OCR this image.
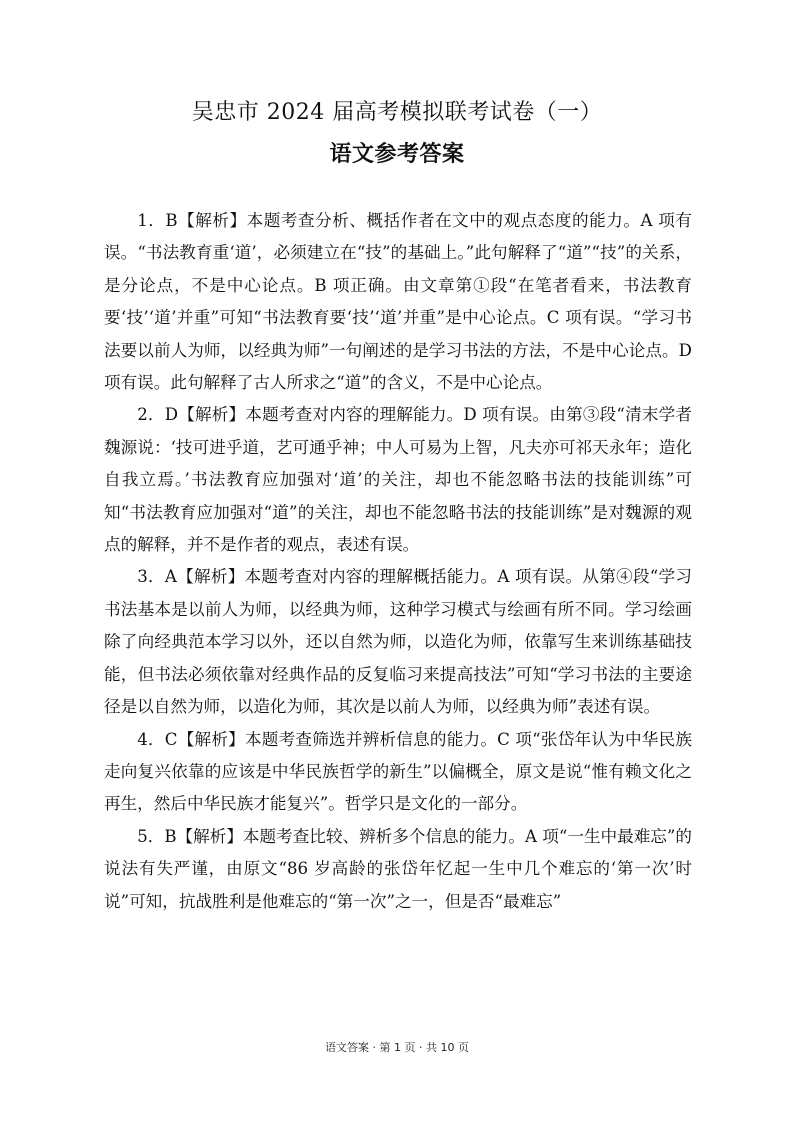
吴忠市 2024 届高考模拟联考试卷（一）
语文参考答案

1．B【解析】本题考查分析、概括作者在文中的观点态度的能力。A 项有误。“书法教育重‘道’，必须建立在“技”的基础上。”此句解释了“道”“技”的关系，是分论点，不是中心论点。B 项正确。由文章第①段“在笔者看来，书法教育要‘技’‘道’并重”可知“书法教育要‘技’‘道’并重”是中心论点。C 项有误。“学习书法要以前人为师，以经典为师”一句阐述的是学习书法的方法，不是中心论点。D 项有误。此句解释了古人所求之“道”的含义，不是中心论点。

2．D【解析】本题考查对内容的理解能力。D 项有误。由第③段“清末学者魏源说：‘技可进乎道，艺可通乎神；中人可易为上智，凡夫亦可祁天永年；造化自我立焉。’书法教育应加强对‘道’的关注，却也不能忽略书法的技能训练”可知“书法教育应加强对“道”的关注，却也不能忽略书法的技能训练”是对魏源的观点的解释，并不是作者的观点，表述有误。

3．A【解析】本题考查对内容的理解概括能力。A 项有误。从第④段“学习书法基本是以前人为师，以经典为师，这种学习模式与绘画有所不同。学习绘画除了向经典范本学习以外，还以自然为师，以造化为师，依靠写生来训练基础技能，但书法必须依靠对经典作品的反复临习来提高技法”可知“学习书法的主要途径是以自然为师，以造化为师，其次是以前人为师，以经典为师”表述有误。

4．C【解析】本题考查筛选并辨析信息的能力。C 项“张岱年认为中华民族走向复兴依靠的应该是中华民族哲学的新生”以偏概全，原文是说“惟有赖文化之再生，然后中华民族才能复兴”。哲学只是文化的一部分。

5．B【解析】本题考查比较、辨析多个信息的能力。A 项“一生中最难忘”的说法有失严谨，由原文“86 岁高龄的张岱年忆起一生中几个难忘的‘第一次’时说”可知，抗战胜利是他难忘的“第一次”之一，但是否“最难忘”

语文答案 · 第 1 页 · 共 10 页
